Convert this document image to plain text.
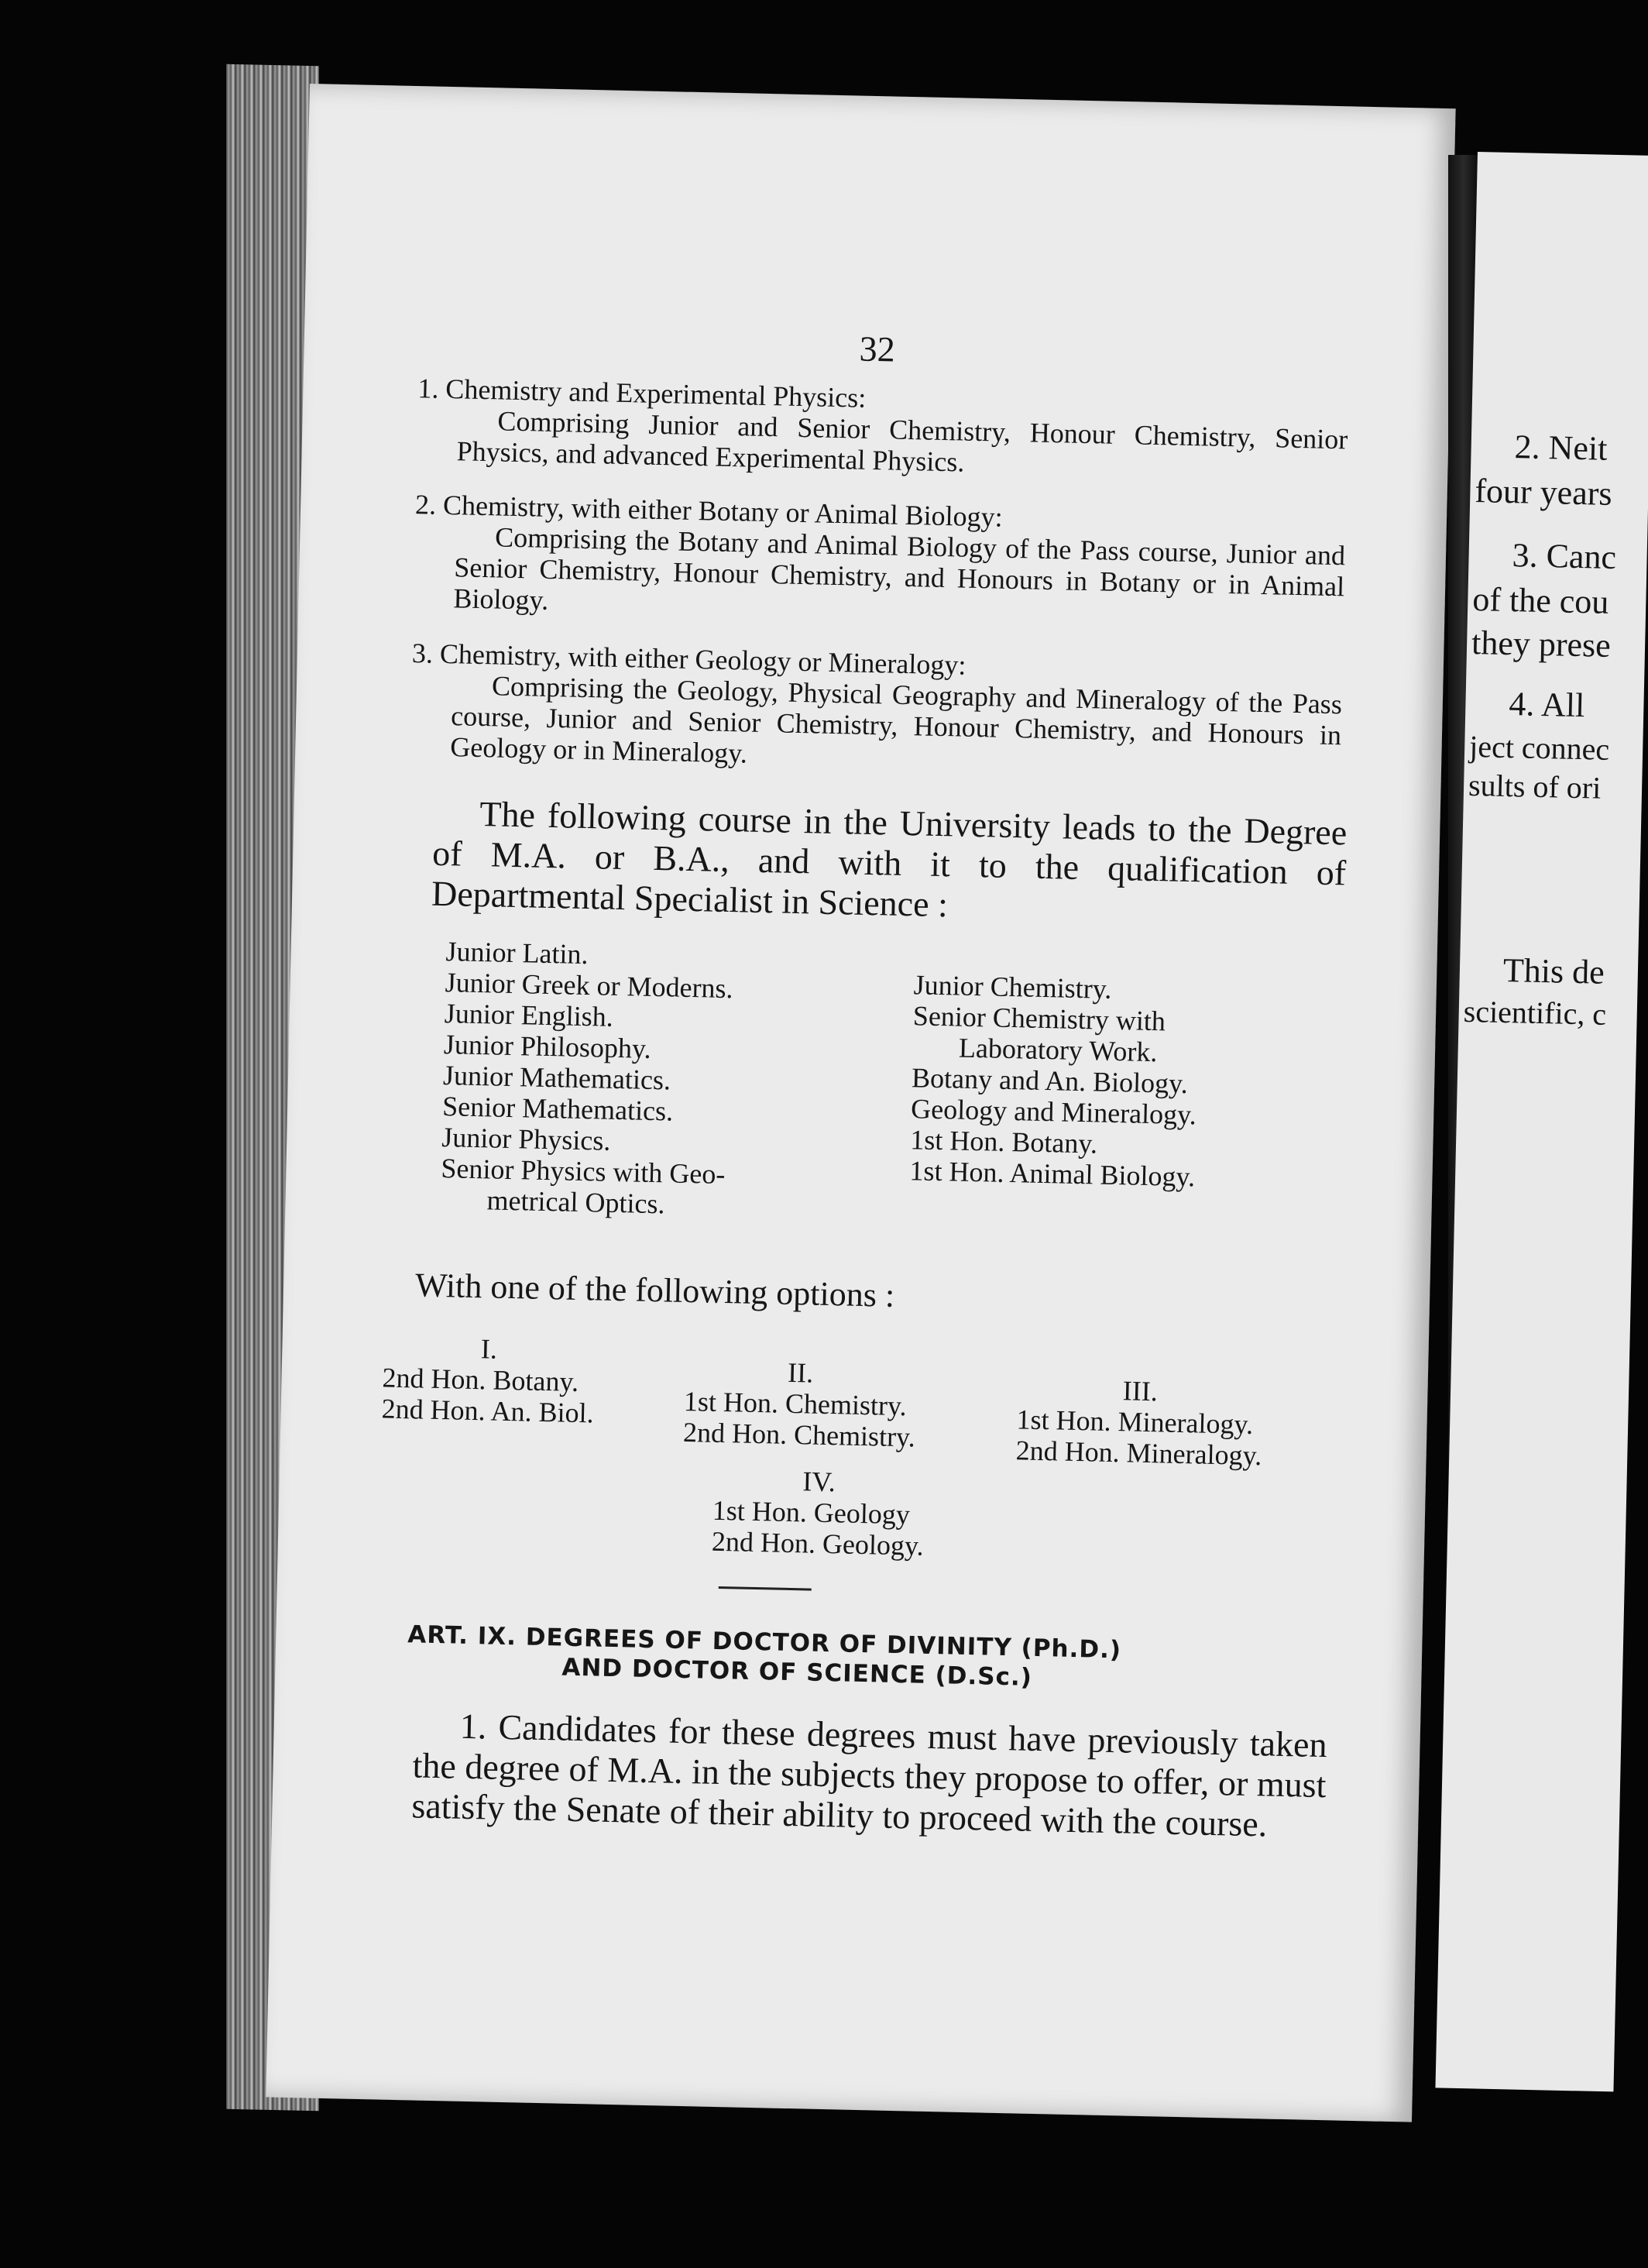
32
1. Chemistry and Experimental Physics:
Comprising Junior and Senior Chemistry, Honour Chemistry, Senior Physics, and advanced Experimental Physics.
2. Chemistry, with either Botany or Animal Biology:
Comprising the Botany and Animal Biology of the Pass course, Junior and Senior Chemistry, Honour Chemistry, and Honours in Botany or in Animal Biology.
3. Chemistry, with either Geology or Mineralogy:
Comprising the Geology, Physical Geography and Mineralogy of the Pass course, Junior and Senior Chemistry, Honour Chemistry, and Honours in Geology or in Mineralogy.
The following course in the University leads to the Degree of M.A. or B.A., and with it to the qualification of Departmental Specialist in Science :
Junior Latin.
Junior Greek or Moderns.
Junior English.
Junior Philosophy.
Junior Mathematics.
Senior Mathematics.
Junior Physics.
Senior Physics with Geo-
metrical Optics.
Junior Chemistry.
Senior Chemistry with
Laboratory Work.
Botany and An. Biology.
Geology and Mineralogy.
1st Hon. Botany.
1st Hon. Animal Biology.
With one of the following options :
I.
2nd Hon. Botany.
2nd Hon. An. Biol.
II.
1st Hon. Chemistry.
2nd Hon. Chemistry.
III.
1st Hon. Mineralogy.
2nd Hon. Mineralogy.
IV.
1st Hon. Geology
2nd Hon. Geology.
ART. IX. DEGREES OF DOCTOR OF DIVINITY (Ph.D.)
AND DOCTOR OF SCIENCE (D.Sc.)
1. Candidates for these degrees must have previously taken the degree of M.A. in the subjects they propose to offer, or must satisfy the Senate of their ability to proceed with the course.
2. Neit
four years
3. Canc
of the cou
they prese
4. All
ject connec
sults of ori
This de
scientific, c
